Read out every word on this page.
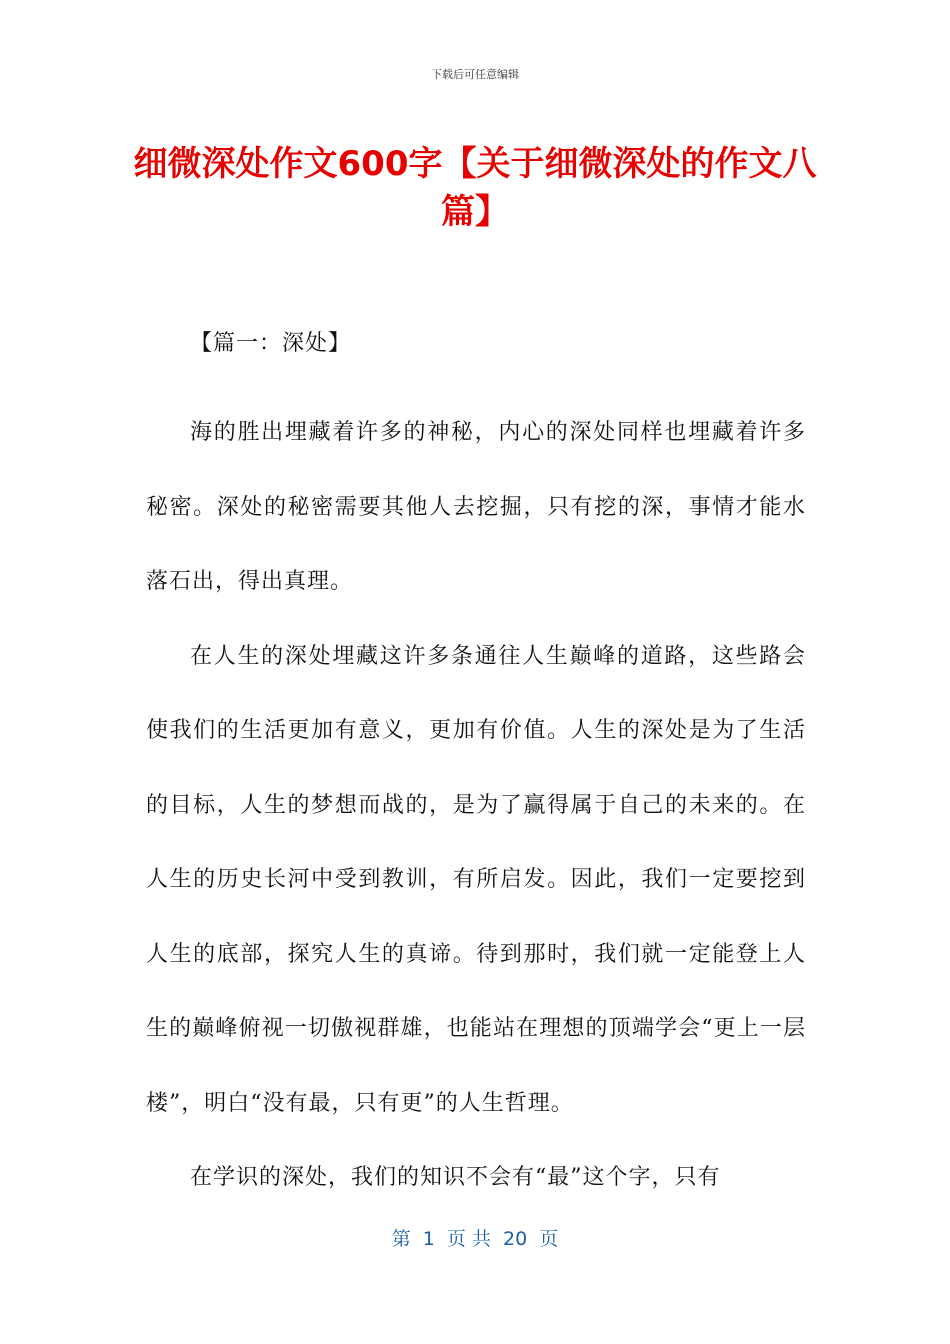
下载后可任意编辑
细微深处作文600字【关于细微深处的作文八篇】

【篇一：深处】

海的胜出埋藏着许多的神秘，内心的深处同样也埋藏着许多秘密。深处的秘密需要其他人去挖掘，只有挖的深，事情才能水落石出，得出真理。

在人生的深处埋藏这许多条通往人生巅峰的道路，这些路会使我们的生活更加有意义，更加有价值。人生的深处是为了生活的目标，人生的梦想而战的，是为了赢得属于自己的未来的。在人生的历史长河中受到教训，有所启发。因此，我们一定要挖到人生的底部，探究人生的真谛。待到那时，我们就一定能登上人生的巅峰俯视一切傲视群雄，也能站在理想的顶端学会“更上一层楼”，明白“没有最，只有更”的人生哲理。

在学识的深处，我们的知识不会有“最”这个字，只有

第  1  页 共  20  页
